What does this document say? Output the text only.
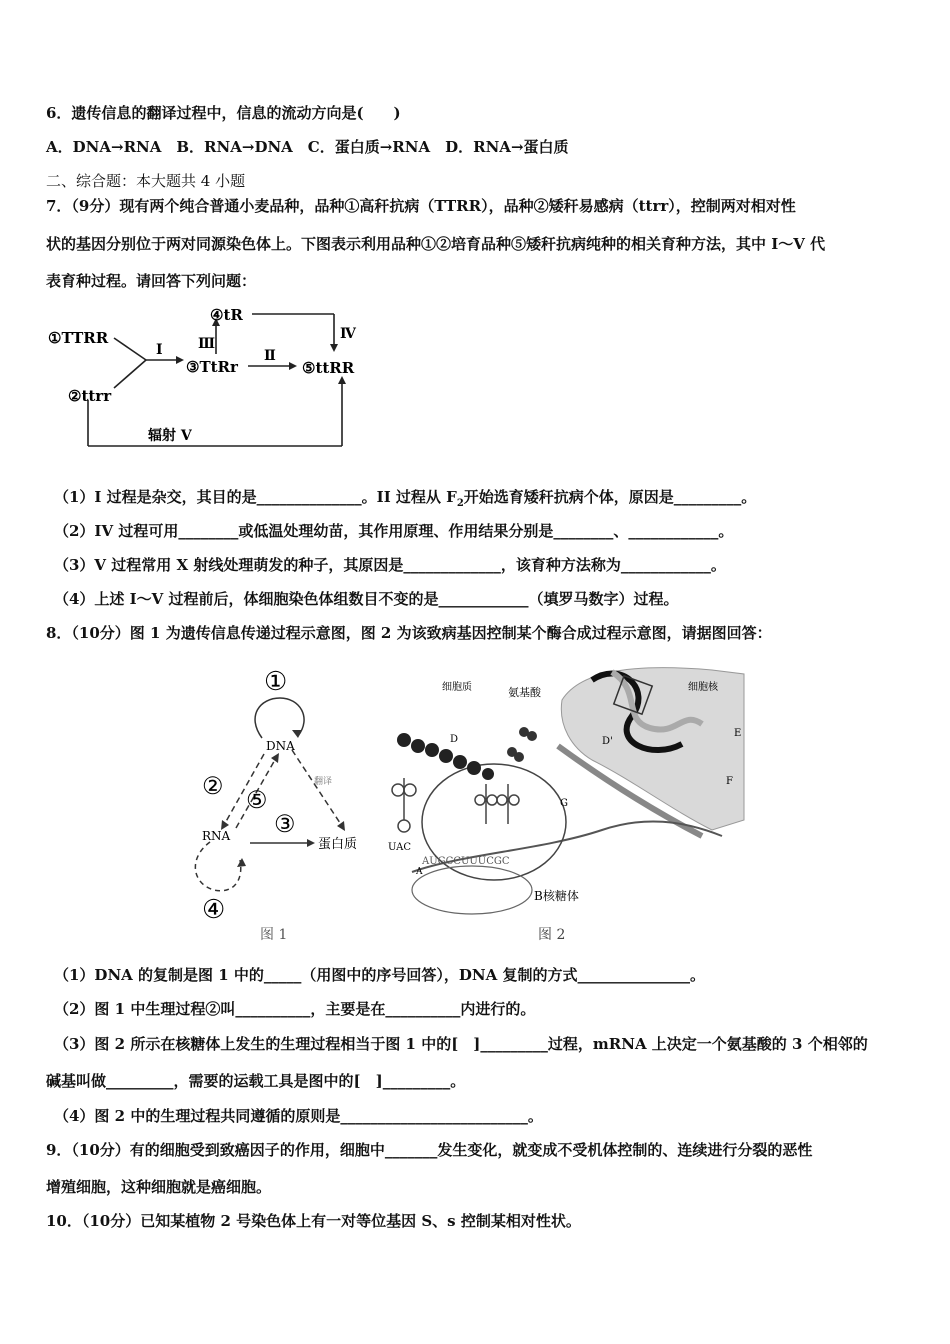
6．遗传信息的翻译过程中，信息的流动方向是(　　)
A．DNA→RNA　B．RNA→DNA　C．蛋白质→RNA　D．RNA→蛋白质
二、综合题：本大题共 4 小题
7．（9分）现有两个纯合普通小麦品种，品种①高秆抗病（TTRR），品种②矮秆易感病（ttrr），控制两对相对性
状的基因分别位于两对同源染色体上。下图表示利用品种①②培育品种⑤矮秆抗病纯种的相关育种方法，其中 I～V 代
表育种过程。请回答下列问题：
①TTRR
②ttrr
③TtRr
④tR
⑤ttRR
I	Ⅱ
Ⅲ
Ⅳ
辐射 V
（1）I 过程是杂交，其目的是______________。II 过程从 $F_2$开始选育矮秆抗病个体，原因是_________。
（2）IV 过程可用________或低温处理幼苗，其作用原理、作用结果分别是________、____________。
（3）V 过程常用 X 射线处理萌发的种子，其原因是_____________，该育种方法称为____________。
（4）上述 I～V 过程前后，体细胞染色体组数目不变的是____________（填罗马数字）过程。
8．（10分）图 1 为遗传信息传递过程示意图，图 2 为该致病基因控制某个酶合成过程示意图，请据图回答：
①
② ⑤
③
④
DNA
RNA
蛋白质
翻译
图 1
细胞质	氨基酸	细胞核
D	D'
E
F
G
A
UAC
AUGCCUUUCGC
B核糖体
图 2
（1）DNA 的复制是图 1 中的_____（用图中的序号回答），DNA 复制的方式_______________。
（2）图 1 中生理过程②叫__________，主要是在__________内进行的。
（3）图 2 所示在核糖体上发生的生理过程相当于图 1 中的[　]_________过程，mRNA 上决定一个氨基酸的 3 个相邻的
碱基叫做_________，需要的运载工具是图中的[　]_________。
（4）图 2 中的生理过程共同遵循的原则是_________________________。
9．（10分）有的细胞受到致癌因子的作用，细胞中_______发生变化，就变成不受机体控制的、连续进行分裂的恶性
增殖细胞，这种细胞就是癌细胞。
10．（10分）已知某植物 2 号染色体上有一对等位基因 S、s 控制某相对性状。
